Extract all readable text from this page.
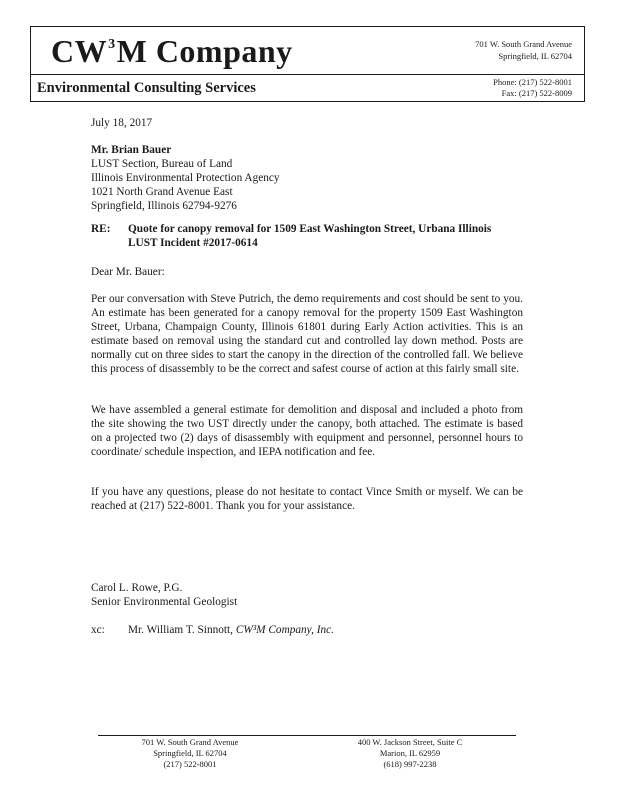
$CW^3M$ Company	701 W. South Grand Avenue
Springfield, IL 62704
Environmental Consulting Services	Phone: (217) 522-8001
Fax: (217) 522-8009
July 18, 2017
Mr. Brian Bauer
LUST Section, Bureau of Land
Illinois Environmental Protection Agency
1021 North Grand Avenue East
Springfield, Illinois 62794-9276
RE: Quote for canopy removal for 1509 East Washington Street, Urbana Illinois
LUST Incident #2017-0614
Dear Mr. Bauer:
Per our conversation with Steve Putrich, the demo requirements and cost should be sent to you. An estimate has been generated for a canopy removal for the property 1509 East Washington Street, Urbana, Champaign County, Illinois 61801 during Early Action activities. This is an estimate based on removal using the standard cut and controlled lay down method. Posts are normally cut on three sides to start the canopy in the direction of the controlled fall. We believe this process of disassembly to be the correct and safest course of action at this fairly small site.
We have assembled a general estimate for demolition and disposal and included a photo from the site showing the two UST directly under the canopy, both attached. The estimate is based on a projected two (2) days of disassembly with equipment and personnel, personnel hours to coordinate/ schedule inspection, and IEPA notification and fee.
If you have any questions, please do not hesitate to contact Vince Smith or myself. We can be reached at (217) 522-8001. Thank you for your assistance.
Carol L. Rowe, P.G.
Senior Environmental Geologist
xc: Mr. William T. Sinnott, CW³M Company, Inc.
701 W. South Grand Avenue
Springfield, IL 62704
(217) 522-8001
400 W. Jackson Street, Suite C
Marion, IL 62959
(618) 997-2238
